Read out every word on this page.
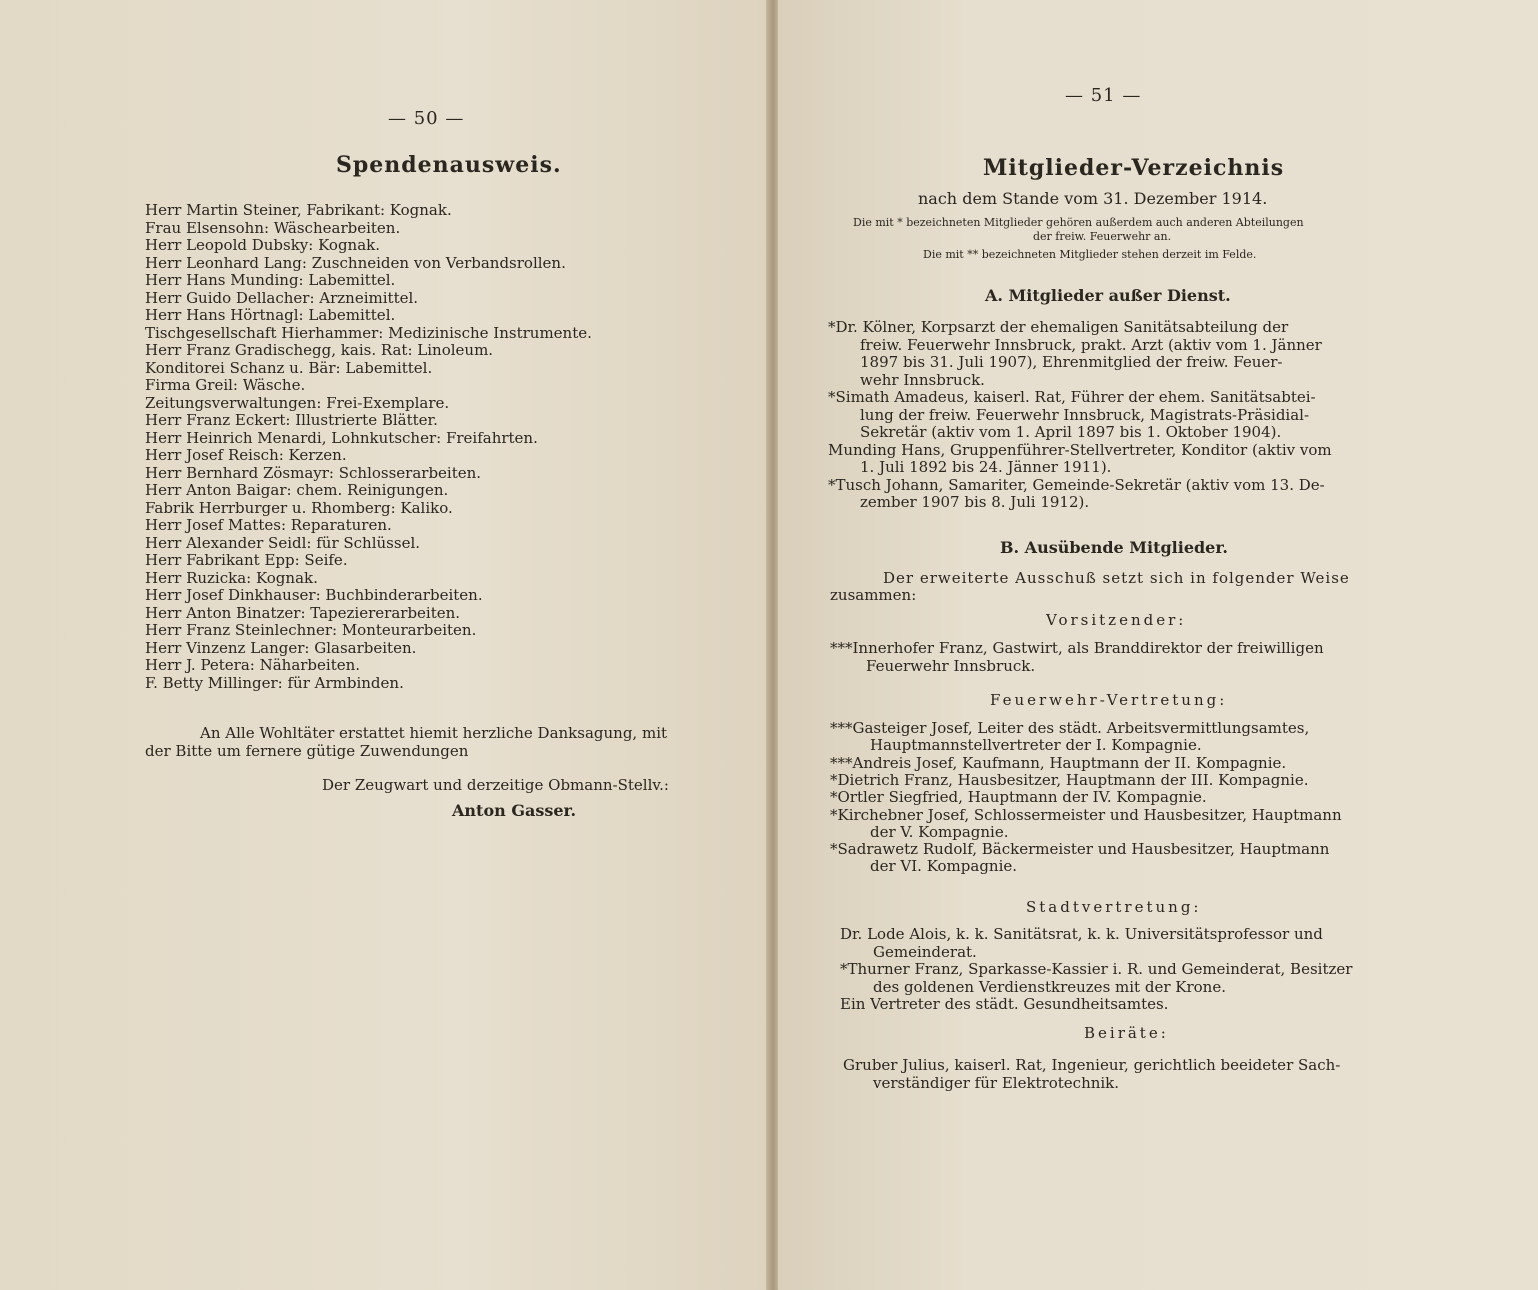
— 50 —
Spendenausweis.
Herr Martin Steiner, Fabrikant: Kognak.
Frau Elsensohn: Wäschearbeiten.
Herr Leopold Dubsky: Kognak.
Herr Leonhard Lang: Zuschneiden von Verbandsrollen.
Herr Hans Munding: Labemittel.
Herr Guido Dellacher: Arzneimittel.
Herr Hans Hörtnagl: Labemittel.
Tischgesellschaft Hierhammer: Medizinische Instrumente.
Herr Franz Gradischegg, kais. Rat: Linoleum.
Konditorei Schanz u. Bär: Labemittel.
Firma Greil: Wäsche.
Zeitungsverwaltungen: Frei-Exemplare.
Herr Franz Eckert: Illustrierte Blätter.
Herr Heinrich Menardi, Lohnkutscher: Freifahrten.
Herr Josef Reisch: Kerzen.
Herr Bernhard Zösmayr: Schlosserarbeiten.
Herr Anton Baigar: chem. Reinigungen.
Fabrik Herrburger u. Rhomberg: Kaliko.
Herr Josef Mattes: Reparaturen.
Herr Alexander Seidl: für Schlüssel.
Herr Fabrikant Epp: Seife.
Herr Ruzicka: Kognak.
Herr Josef Dinkhauser: Buchbinderarbeiten.
Herr Anton Binatzer: Tapeziererarbeiten.
Herr Franz Steinlechner: Monteurarbeiten.
Herr Vinzenz Langer: Glasarbeiten.
Herr J. Petera: Näharbeiten.
F. Betty Millinger: für Armbinden.
An Alle Wohltäter erstattet hiemit herzliche Danksagung, mit
der Bitte um fernere gütige Zuwendungen
Der Zeugwart und derzeitige Obmann-Stellv.:
Anton Gasser.
— 51 —
Mitglieder-Verzeichnis
nach dem Stande vom 31. Dezember 1914.
Die mit * bezeichneten Mitglieder gehören außerdem auch anderen Abteilungen
der freiw. Feuerwehr an.
Die mit ** bezeichneten Mitglieder stehen derzeit im Felde.
A. Mitglieder außer Dienst.
*Dr. Kölner, Korpsarzt der ehemaligen Sanitätsabteilung der
freiw. Feuerwehr Innsbruck, prakt. Arzt (aktiv vom 1. Jänner
1897 bis 31. Juli 1907), Ehrenmitglied der freiw. Feuer-
wehr Innsbruck.
*Simath Amadeus, kaiserl. Rat, Führer der ehem. Sanitätsabtei-
lung der freiw. Feuerwehr Innsbruck, Magistrats-Präsidial-
Sekretär (aktiv vom 1. April 1897 bis 1. Oktober 1904).
Munding Hans, Gruppenführer-Stellvertreter, Konditor (aktiv vom
1. Juli 1892 bis 24. Jänner 1911).
*Tusch Johann, Samariter, Gemeinde-Sekretär (aktiv vom 13. De-
zember 1907 bis 8. Juli 1912).
B. Ausübende Mitglieder.
Der erweiterte Ausschuß setzt sich in folgender Weise
zusammen:
Vorsitzender:
***Innerhofer Franz, Gastwirt, als Branddirektor der freiwilligen
Feuerwehr Innsbruck.
Feuerwehr-Vertretung:
***Gasteiger Josef, Leiter des städt. Arbeitsvermittlungsamtes,
Hauptmannstellvertreter der I. Kompagnie.
***Andreis Josef, Kaufmann, Hauptmann der II. Kompagnie.
*Dietrich Franz, Hausbesitzer, Hauptmann der III. Kompagnie.
*Ortler Siegfried, Hauptmann der IV. Kompagnie.
*Kirchebner Josef, Schlossermeister und Hausbesitzer, Hauptmann
der V. Kompagnie.
*Sadrawetz Rudolf, Bäckermeister und Hausbesitzer, Hauptmann
der VI. Kompagnie.
Stadtvertretung:
Dr. Lode Alois, k. k. Sanitätsrat, k. k. Universitätsprofessor und
Gemeinderat.
*Thurner Franz, Sparkasse-Kassier i. R. und Gemeinderat, Besitzer
des goldenen Verdienstkreuzes mit der Krone.
Ein Vertreter des städt. Gesundheitsamtes.
Beiräte:
Gruber Julius, kaiserl. Rat, Ingenieur, gerichtlich beeideter Sach-
verständiger für Elektrotechnik.
